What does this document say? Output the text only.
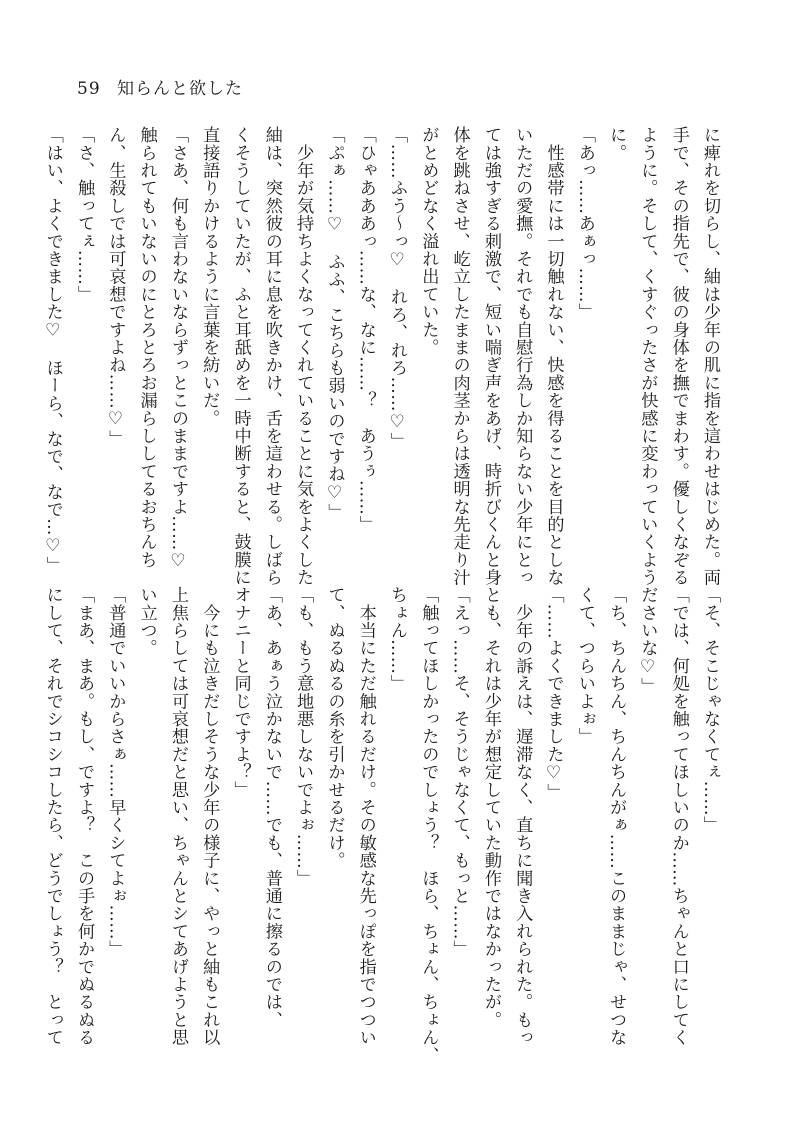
59 知らんと欲した
に痺れを切らし、紬は少年の肌に指を這わせはじめた。両
手で、その指先で、彼の身体を撫でまわす。優しくなぞる
ように。そして、くすぐったさが快感に変わっていくよう
に。
「あっ……あぁっ……」
　性感帯には一切触れない、快感を得ることを目的としな
いただの愛撫。それでも自慰行為しか知らない少年にとっ
ては強すぎる刺激で、短い喘ぎ声をあげ、時折びくんと身
体を跳ねさせ、屹立したままの肉茎からは透明な先走り汁
がとめどなく溢れ出ていた。
「……ふう〜っ♡　れろ、れろ……♡」
「ひゃあああっ……な、なに……？　あうぅ……」
「ぷぁ……♡　ふふ、こちらも弱いのですね♡」
　少年が気持ちよくなってくれていることに気をよくした
紬は、突然彼の耳に息を吹きかけ、舌を這わせる。しばら
くそうしていたが、ふと耳舐めを一時中断すると、鼓膜に
直接語りかけるように言葉を紡いだ。
「さあ、何も言わないならずっとこのままですよ……♡
触られてもいないのにとろとろお漏らししてるおちんち
ん、生殺しでは可哀想ですよね……♡」
「さ、触ってぇ……」
「はい、よくできました♡　ほーら、なで、なで…♡」
「そ、そこじゃなくてぇ……」
「では、何処を触ってほしいのか……ちゃんと口にしてく
ださいな♡」
「ち、ちんちん、ちんちんがぁ……このままじゃ、せつな
くて、つらいよぉ」
「……よくできました♡」
　少年の訴えは、遅滞なく、直ちに聞き入れられた。もっ
とも、それは少年が想定していた動作ではなかったが。
「えっ……そ、そうじゃなくて、もっと……」
「触ってほしかったのでしょう？　ほら、ちょん、ちょん、
ちょん……」
　本当にただ触れるだけ。その敏感な先っぽを指でつつい
て、ぬるぬるの糸を引かせるだけ。
「も、もう意地悪しないでよぉ……」
「あ、あぁう泣かないで……でも、普通に擦るのでは、
オナニーと同じですよ？」
　今にも泣きだしそうな少年の様子に、やっと紬もこれ以
上焦らしては可哀想だと思い、ちゃんとシてあげようと思
い立つ。
「普通でいいからさぁ……早くシてよぉ……」
「まあ、まあ。もし、ですよ？　この手を何かでぬるぬる
にして、それでシコシコしたら、どうでしょう？　とって
